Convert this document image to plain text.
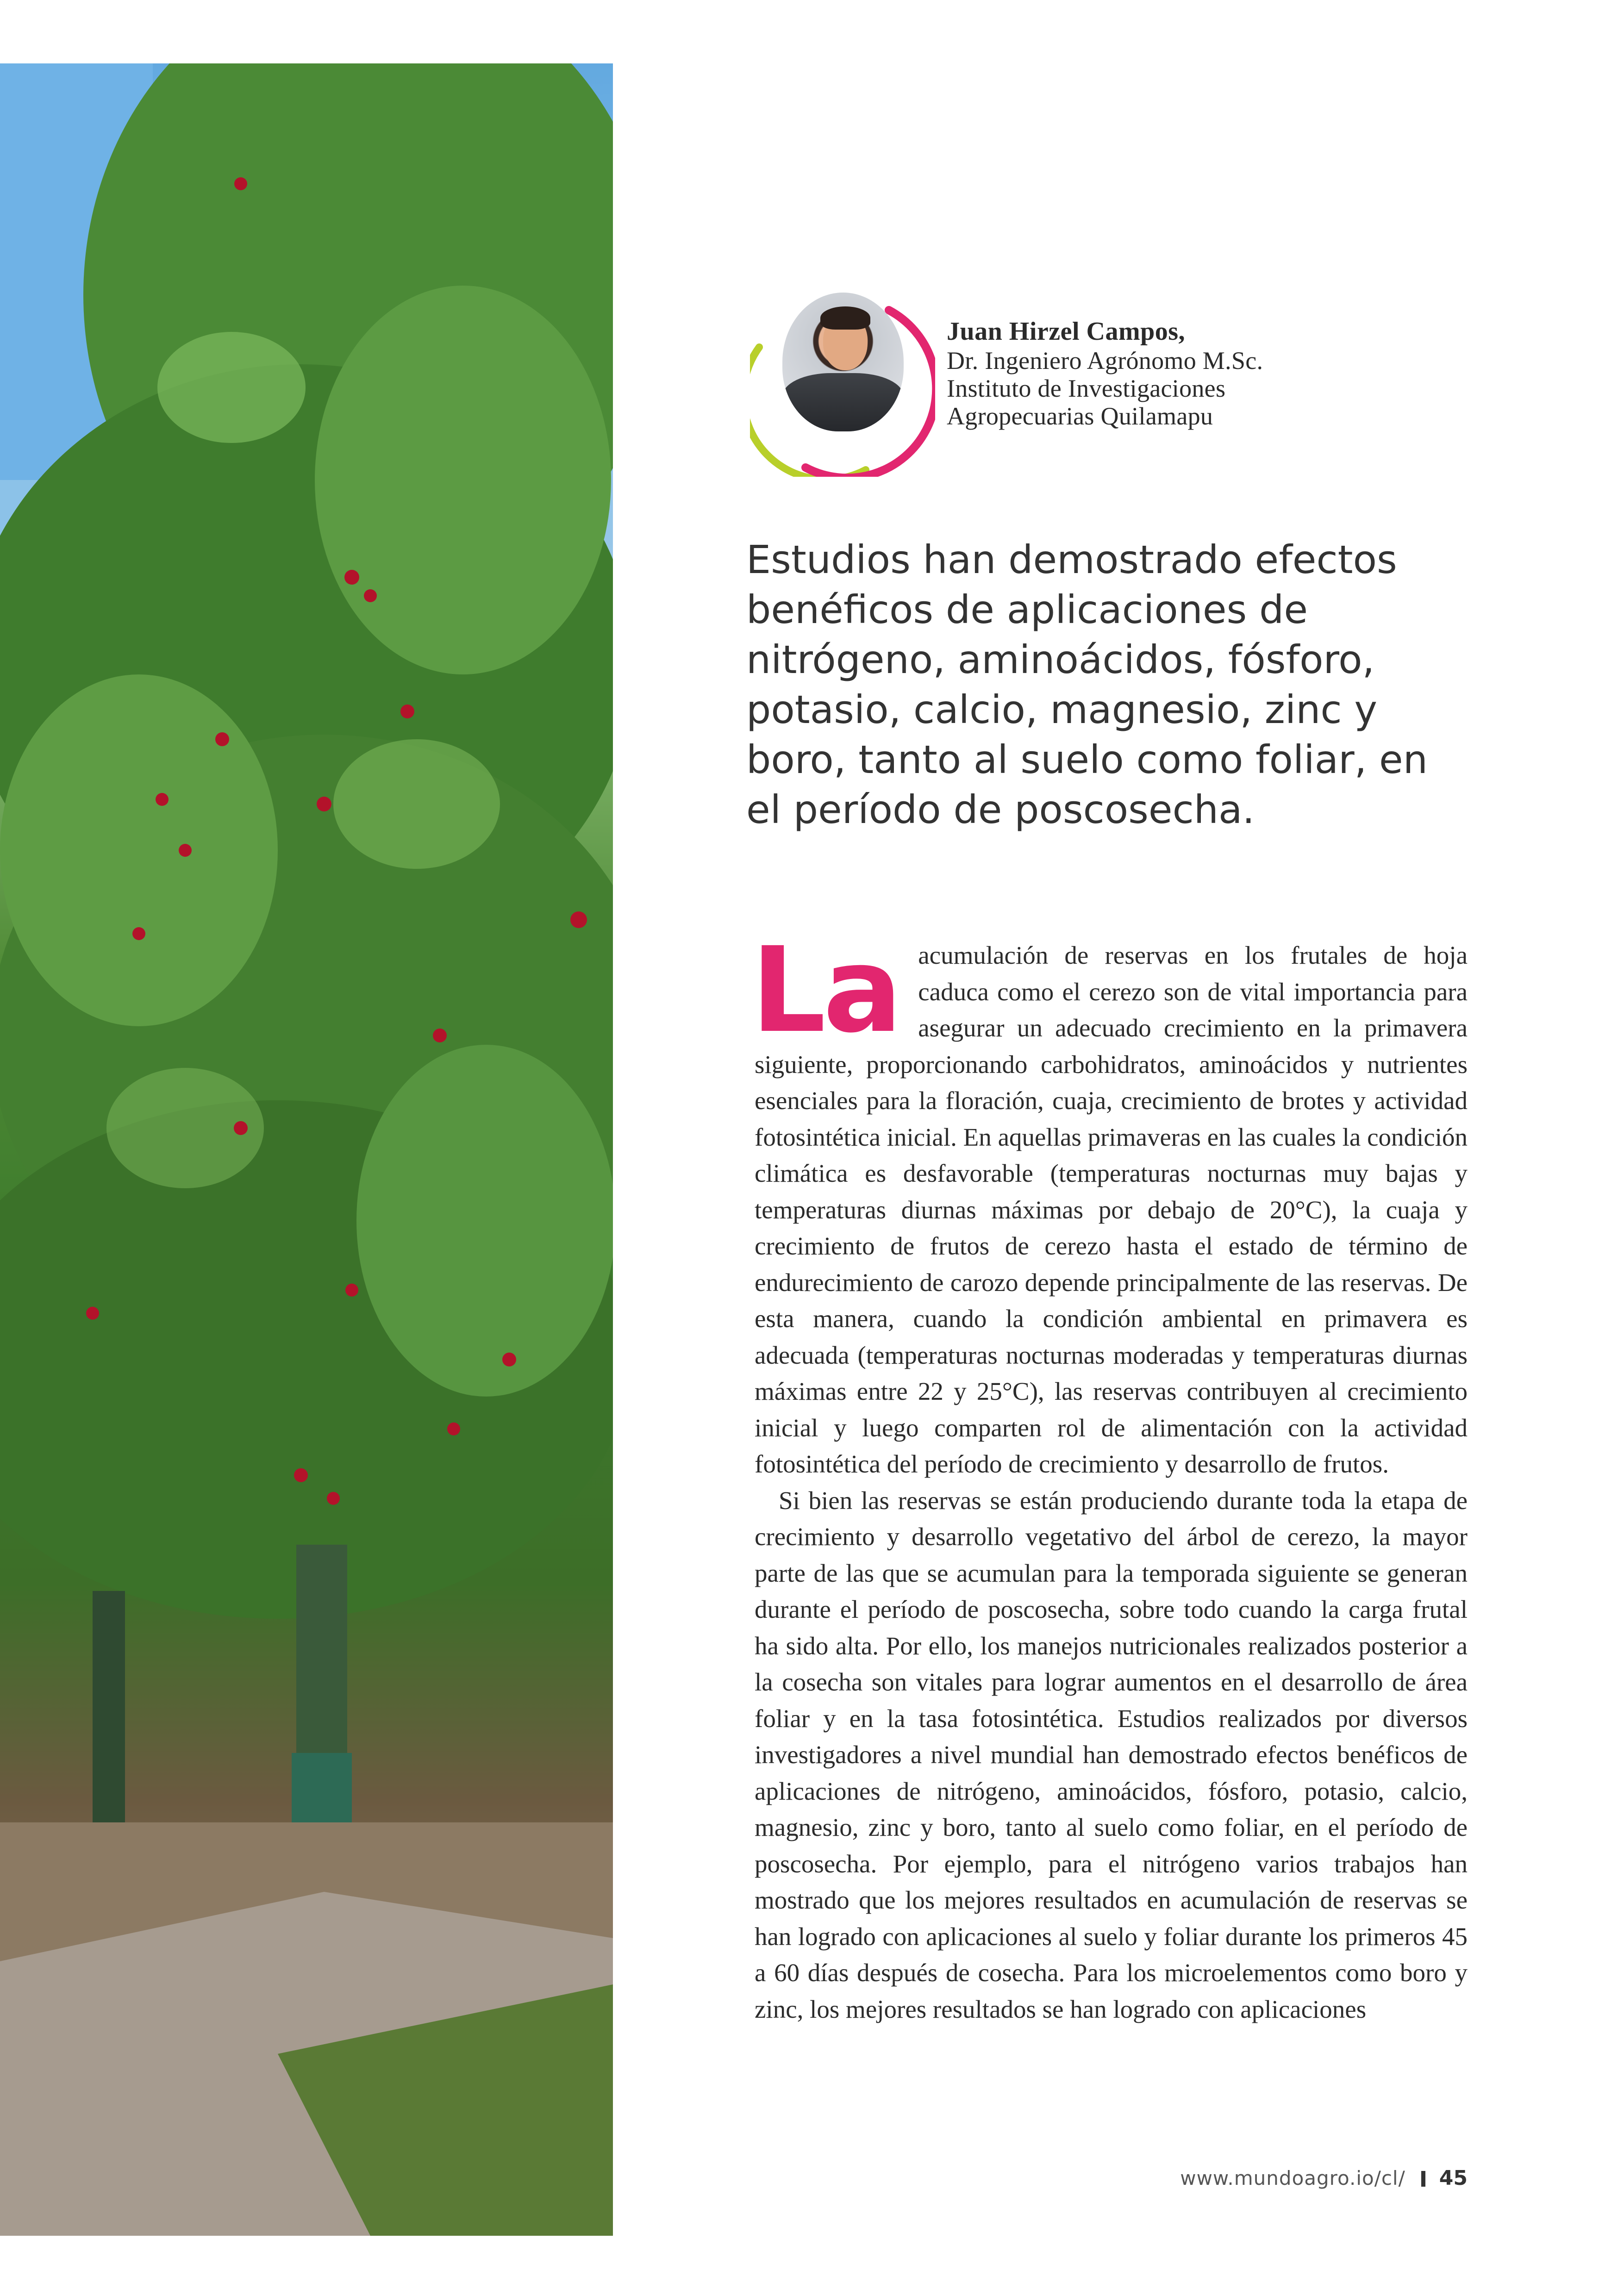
Juan Hirzel Campos,
Dr. Ingeniero Agrónomo M.Sc.
Instituto de Investigaciones
Agropecuarias Quilamapu
Estudios han demostrado efectos benéficos de aplicaciones de nitrógeno, aminoácidos, fósforo, potasio, calcio, magnesio, zinc y boro, tanto al suelo como foliar, en el período de poscosecha.

La acumulación de reservas en los frutales de hoja caduca como el cerezo son de vital importancia para asegurar un adecuado crecimiento en la primavera siguiente, proporcionando carbohidratos, aminoácidos y nutrientes esenciales para la floración, cuaja, crecimiento de brotes y actividad fotosintética inicial. En aquellas primaveras en las cuales la condición climática es desfavorable (temperaturas nocturnas muy bajas y temperaturas diurnas máximas por debajo de 20°C), la cuaja y crecimiento de frutos de cerezo hasta el estado de término de endurecimiento de carozo depende principalmente de las reservas. De esta manera, cuando la condición ambiental en primavera es adecuada (temperaturas nocturnas moderadas y temperaturas diurnas máximas entre 22 y 25°C), las reservas contribuyen al crecimiento inicial y luego comparten rol de alimentación con la actividad fotosintética del período de crecimiento y desarrollo de frutos.

Si bien las reservas se están produciendo durante toda la etapa de crecimiento y desarrollo vegetativo del árbol de cerezo, la mayor parte de las que se acumulan para la temporada siguiente se generan durante el período de poscosecha, sobre todo cuando la carga frutal ha sido alta. Por ello, los manejos nutricionales realizados posterior a la cosecha son vitales para lograr aumentos en el desarrollo de área foliar y en la tasa fotosintética. Estudios realizados por diversos investigadores a nivel mundial han demostrado efectos benéficos de aplicaciones de nitrógeno, aminoácidos, fósforo, potasio, calcio, magnesio, zinc y boro, tanto al suelo como foliar, en el período de poscosecha. Por ejemplo, para el nitrógeno varios trabajos han mostrado que los mejores resultados en acumulación de reservas se han logrado con aplicaciones al suelo y foliar durante los primeros 45 a 60 días después de cosecha. Para los microelementos como boro y zinc, los mejores resultados se han logrado con aplicaciones

www.mundoagro.io/cl/ 45
